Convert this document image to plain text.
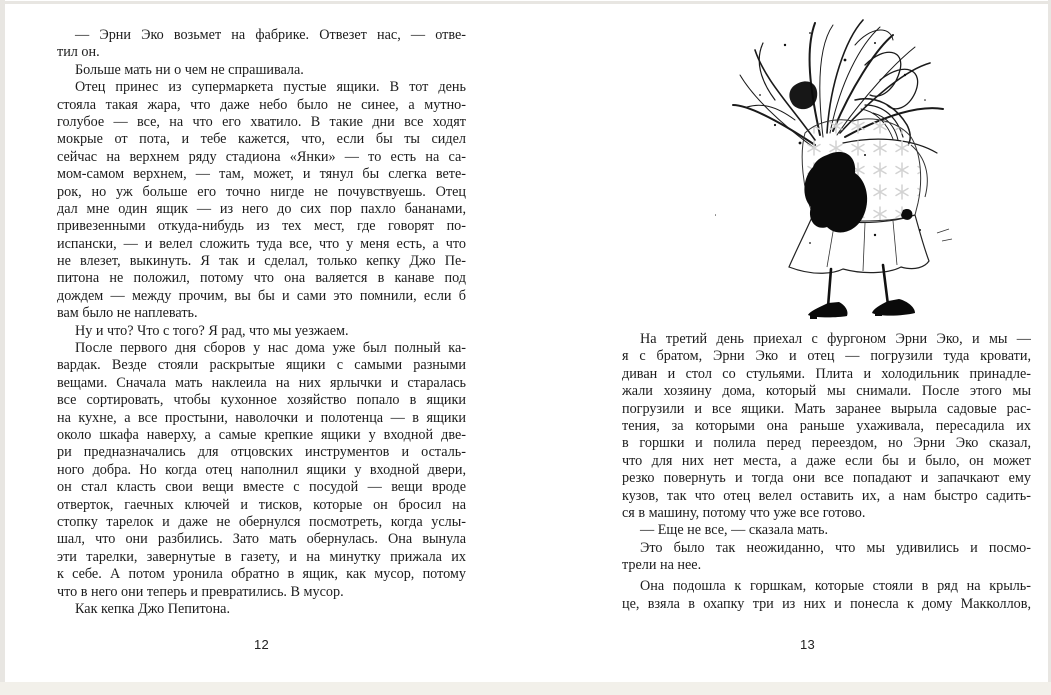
— Эрни Эко возьмет на фабрике. Отвезет нас, — отве-
тил он.
Больше мать ни о чем не спрашивала.
Отец принес из супермаркета пустые ящики. В тот день
стояла такая жара, что даже небо было не синее, а мутно-
голубое — все, на что его хватило. В такие дни все ходят
мокрые от пота, и тебе кажется, что, если бы ты сидел
сейчас на верхнем ряду стадиона «Янки» — то есть на са-
мом-самом верхнем, — там, может, и тянул бы слегка вете-
рок, но уж больше его точно нигде не почувствуешь. Отец
дал мне один ящик — из него до сих пор пахло бананами,
привезенными откуда-нибудь из тех мест, где говорят по-
испански, — и велел сложить туда все, что у меня есть, а что
не влезет, выкинуть. Я так и сделал, только кепку Джо Пе-
питона не положил, потому что она валяется в канаве под
дождем — между прочим, вы бы и сами это помнили, если б
вам было не наплевать.
Ну и что? Что с того? Я рад, что мы уезжаем.
После первого дня сборов у нас дома уже был полный ка-
вардак. Везде стояли раскрытые ящики с самыми разными
вещами. Сначала мать наклеила на них ярлычки и старалась
все сортировать, чтобы кухонное хозяйство попало в ящики
на кухне, а все простыни, наволочки и полотенца — в ящики
около шкафа наверху, а самые крепкие ящики у входной две-
ри предназначались для отцовских инструментов и осталь-
ного добра. Но когда отец наполнил ящики у входной двери,
он стал класть свои вещи вместе с посудой — вещи вроде
отверток, гаечных ключей и тисков, которые он бросил на
стопку тарелок и даже не обернулся посмотреть, когда услы-
шал, что они разбились. Зато мать обернулась. Она вынула
эти тарелки, завернутые в газету, и на минутку прижала их
к себе. А потом уронила обратно в ящик, как мусор, потому
что в него они теперь и превратились. В мусор.
Как кепка Джо Пепитона.
12
На третий день приехал с фургоном Эрни Эко, и мы —
я с братом, Эрни Эко и отец — погрузили туда кровати,
диван и стол со стульями. Плита и холодильник принадле-
жали хозяину дома, который мы снимали. После этого мы
погрузили и все ящики. Мать заранее вырыла садовые рас-
тения, за которыми она раньше ухаживала, пересадила их
в горшки и полила перед переездом, но Эрни Эко сказал,
что для них нет места, а даже если бы и было, он может
резко повернуть и тогда они все попадают и запачкают ему
кузов, так что отец велел оставить их, а нам быстро садить-
ся в машину, потому что уже все готово.
— Еще не все, — сказала мать.
Это было так неожиданно, что мы удивились и посмо-
трели на нее.
Она подошла к горшкам, которые стояли в ряд на крыль-
це, взяла в охапку три из них и понесла к дому Макколлов,
13
